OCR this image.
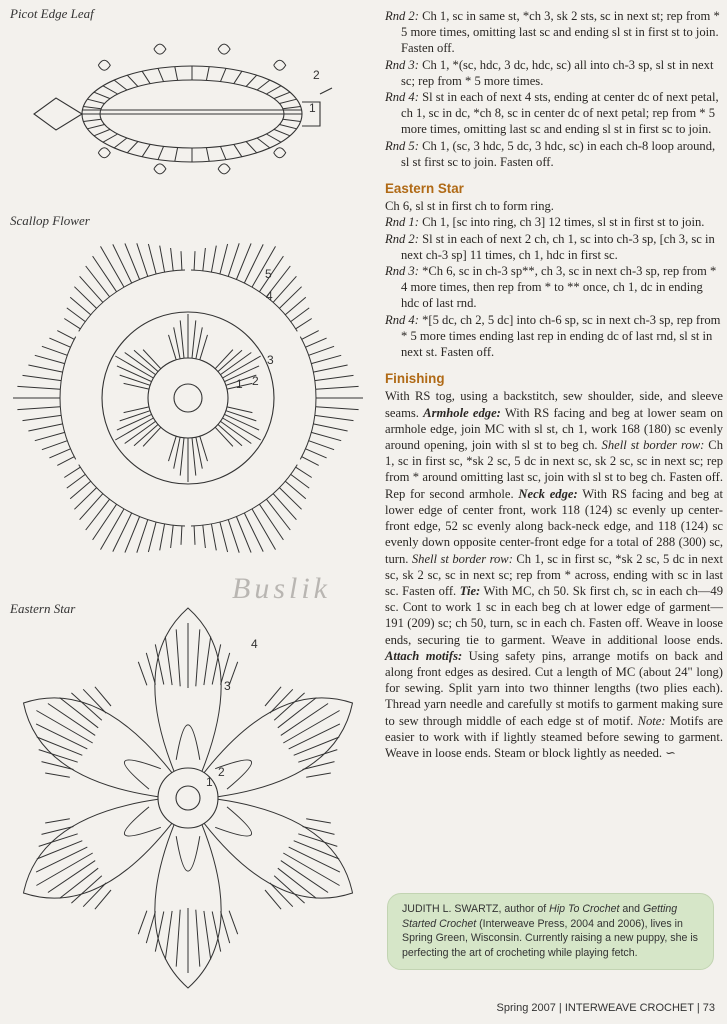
Picot Edge Leaf
Scallop Flower
Eastern Star
2
1
5
4
3
2
1
3
4
2
1
Buslik

Rnd 2: Ch 1, sc in same st, *ch 3, sk 2 sts, sc in next st; rep from * 5 more times, omitting last sc and ending sl st in first st to join. Fasten off.

Rnd 3: Ch 1, *(sc, hdc, 3 dc, hdc, sc) all into ch-3 sp, sl st in next sc; rep from * 5 more times.

Rnd 4: Sl st in each of next 4 sts, ending at center dc of next petal, ch 1, sc in dc, *ch 8, sc in center dc of next petal; rep from * 5 more times, omitting last sc and ending sl st in first sc to join.

Rnd 5: Ch 1, (sc, 3 hdc, 5 dc, 3 hdc, sc) in each ch-8 loop around, sl st first sc to join. Fasten off.

Eastern Star

Ch 6, sl st in first ch to form ring.

Rnd 1: Ch 1, [sc into ring, ch 3] 12 times, sl st in first st to join.

Rnd 2: Sl st in each of next 2 ch, ch 1, sc into ch-3 sp, [ch 3, sc in next ch-3 sp] 11 times, ch 1, hdc in first sc.

Rnd 3: *Ch 6, sc in ch-3 sp**, ch 3, sc in next ch-3 sp, rep from * 4 more times, then rep from * to ** once, ch 1, dc in ending hdc of last rnd.

Rnd 4: *[5 dc, ch 2, 5 dc] into ch-6 sp, sc in next ch-3 sp, rep from * 5 more times ending last rep in ending dc of last rnd, sl st in next st. Fasten off.

Finishing

With RS tog, using a backstitch, sew shoulder, side, and sleeve seams. Armhole edge: With RS facing and beg at lower seam on armhole edge, join MC with sl st, ch 1, work 168 (180) sc evenly around opening, join with sl st to beg ch. Shell st border row: Ch 1, sc in first sc, *sk 2 sc, 5 dc in next sc, sk 2 sc, sc in next sc; rep from * around omitting last sc, join with sl st to beg ch. Fasten off. Rep for second armhole. Neck edge: With RS facing and beg at lower edge of center front, work 118 (124) sc evenly up center-front edge, 52 sc evenly along back-neck edge, and 118 (124) sc evenly down opposite center-front edge for a total of 288 (300) sc, turn. Shell st border row: Ch 1, sc in first sc, *sk 2 sc, 5 dc in next sc, sk 2 sc, sc in next sc; rep from * across, ending with sc in last sc. Fasten off. Tie: With MC, ch 50. Sk first ch, sc in each ch—49 sc. Cont to work 1 sc in each beg ch at lower edge of garment—191 (209) sc; ch 50, turn, sc in each ch. Fasten off. Weave in loose ends, securing tie to garment. Weave in additional loose ends. Attach motifs: Using safety pins, arrange motifs on back and along front edges as desired. Cut a length of MC (about 24" long) for sewing. Split yarn into two thinner lengths (two plies each). Thread yarn needle and carefully st motifs to garment making sure to sew through middle of each edge st of motif. Note: Motifs are easier to work with if lightly steamed before sewing to garment. Weave in loose ends. Steam or block lightly as needed. ∽

JUDITH L. SWARTZ, author of Hip To Crochet and Getting Started Crochet (Interweave Press, 2004 and 2006), lives in Spring Green, Wisconsin. Currently raising a new puppy, she is perfecting the art of crocheting while playing fetch.
Spring 2007 | INTERWEAVE CROCHET | 73
